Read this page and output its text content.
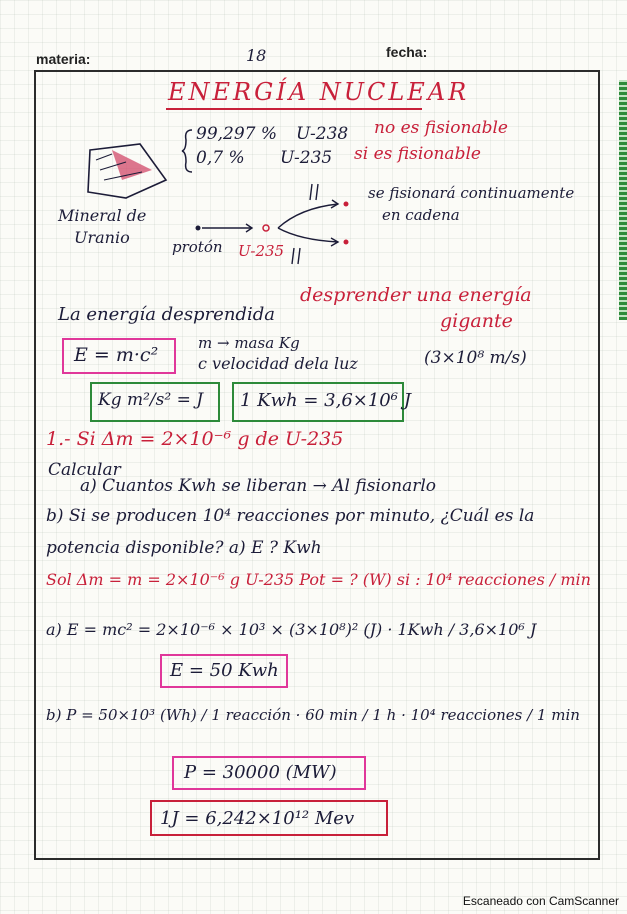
materia:	18	fecha:
ENERGÍA NUCLEAR
99,297 % U-238 no es fisionable
0,7 % U-235 si es fisionable
Mineral de
Uranio
se fisionará continuamente
en cadena
protón U-235
desprender una energía
gigante
La energía desprendida
E = m·c²
m → masa Kg
c velocidad dela luz	(3×10⁸ m/s)
Kg m²/s² = J 1 Kwh = 3,6×10⁶ J
1.- Si Δm = 2×10⁻⁶ g de U-235
Calcular
a) Cuantos Kwh se liberan → Al fisionarlo
b) Si se producen 10⁴ reacciones por minuto, ¿Cuál es la
potencia disponible? a) E ? Kwh
Sol Δm = m = 2×10⁻⁶ g U-235 Pot = ? (W) si : 10⁴ reacciones / min
a) E = mc² = 2×10⁻⁶ × 10³ × (3×10⁸)² (J) · 1Kwh / 3,6×10⁶ J
E = 50 Kwh
b) P = 50×10³ (Wh) / 1 reacción · 60 min / 1 h · 10⁴ reacciones / 1 min
P = 30000 (MW)
1J = 6,242×10¹² Mev
Escaneado con CamScanner
